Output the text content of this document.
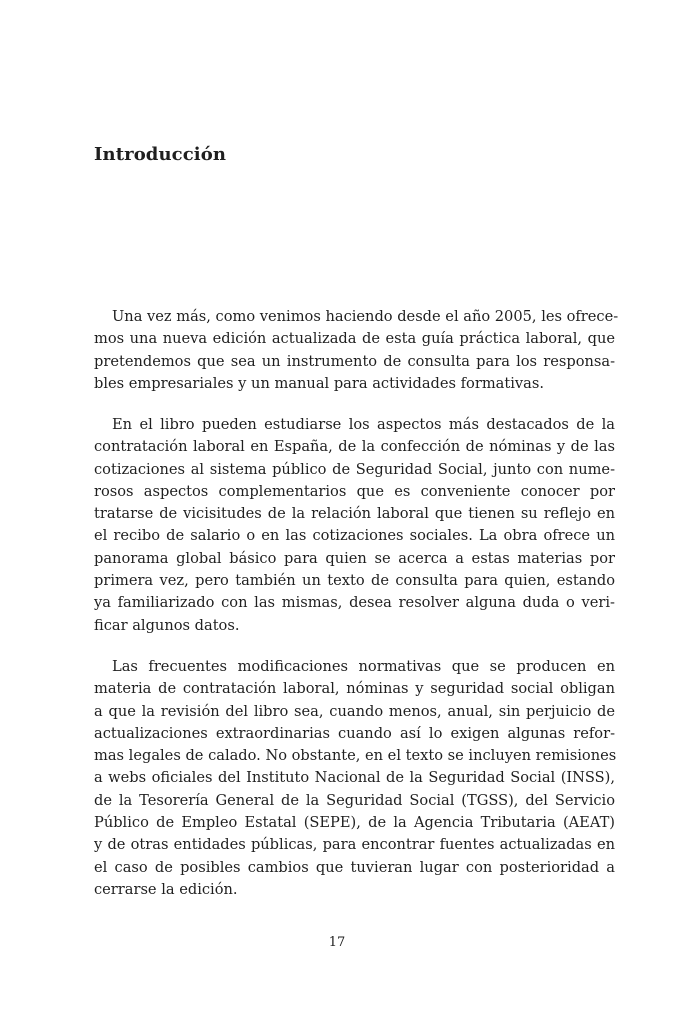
Introducción

Una vez más, como venimos haciendo desde el año 2005, les ofrece-
mos una nueva edición actualizada de esta guía práctica laboral, que
pretendemos que sea un instrumento de consulta para los responsa-
bles empresariales y un manual para actividades formativas.

En el libro pueden estudiarse los aspectos más destacados de la
contratación laboral en España, de la confección de nóminas y de las
cotizaciones al sistema público de Seguridad Social, junto con nume-
rosos aspectos complementarios que es conveniente conocer por
tratarse de vicisitudes de la relación laboral que tienen su reflejo en
el recibo de salario o en las cotizaciones sociales. La obra ofrece un
panorama global básico para quien se acerca a estas materias por
primera vez, pero también un texto de consulta para quien, estando
ya familiarizado con las mismas, desea resolver alguna duda o veri-
ficar algunos datos.

Las frecuentes modificaciones normativas que se producen en
materia de contratación laboral, nóminas y seguridad social obligan
a que la revisión del libro sea, cuando menos, anual, sin perjuicio de
actualizaciones extraordinarias cuando así lo exigen algunas refor-
mas legales de calado. No obstante, en el texto se incluyen remisiones
a webs oficiales del Instituto Nacional de la Seguridad Social (INSS),
de la Tesorería General de la Seguridad Social (TGSS), del Servicio
Público de Empleo Estatal (SEPE), de la Agencia Tributaria (AEAT)
y de otras entidades públicas, para encontrar fuentes actualizadas en
el caso de posibles cambios que tuvieran lugar con posterioridad a
cerrarse la edición.

17
